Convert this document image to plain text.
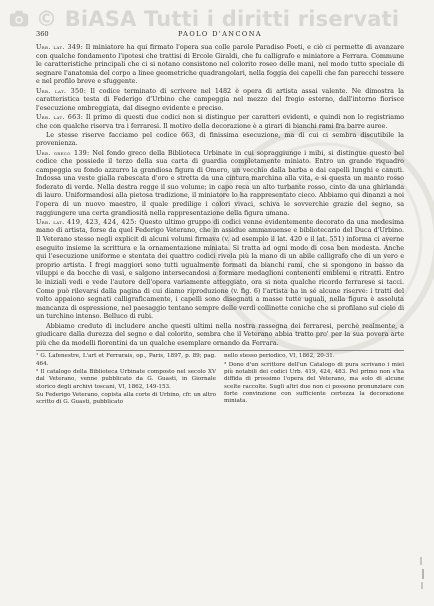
© BiASA Tutti i diritti riservati
360	PAOLO D'ANCONA

Urb. lat. 349: Il miniatore ha qui firmato l'opera sua colle parole Paradiso Poeti, e ciò ci permette di avanzare con qualche fondamento l'ipotesi che trattisi di Ercole Giraldi, che fu calligrafo e miniatore a Ferrara. Commune le caratteristiche principali che ci si notano consistono nel colorito roseo delle mani, nel modo tutto speciale di segnare l'anatomia del corpo a linee geometriche quadrangolari, nella foggia dei capelli che fan parecchi tessere e nel profilo breve e sfuggente.

Urb. lat. 350: Il codice terminato di scrivere nel 1482 è opera di artista assai valente. Ne dimostra la caratteristica testa di Federigo d'Urbino che campeggia nel mezzo del fregio esterno, dall'intorno fiorisce l'esecuzione ombreggiata, dal disegno evidente e preciso.

Urb. lat. 663: Il primo di questi due codici non si distingue per caratteri evidenti, e quindi non lo registriamo che con qualche riserva tra i ferraresi. Il motivo della decorazione è a girari di bianchi rami fra barre auree.

Le stesse riserve facciamo pel codice 663, di finissima esecuzione, ma di cui ci sembra discutibile la provenienza.

Urb. greco 139: Nel fondo greco della Biblioteca Urbinate in cui sopraggiunge i mibi, si distingue questo bel codice che possiede il terzo della sua carta di guardia completamente miniato. Entro un grande riquadro campeggia su fondo azzurro la grandiosa figura di Omero, un vecchio dalla barba e dai capelli lunghi e canuti. Indossa una veste gialla rabescata d'oro e stretta da una cintura marchina alla vita, e si questa un manto rosso foderato di verde. Nella destra regge il suo volume; in capo reca un alto turbante rosso, cinto da una ghirlanda di lauro. Uniformandosi alla pietosa tradizione, il miniatore lo ha rappresentato cieco. Abbiamo qui dinanzi a noi l'opera di un nuovo maestro, il quale predilige i colori vivaci, schiva le sovverchie grazie del segno, sa raggiungere una certa grandiosità nella rappresentazione della figura umana.

Urb. lat. 419, 423, 424, 425: Questo ultimo gruppo di codici venne evidentemente decorato da una medesima mano di artista, forse da quel Federigo Veterano, che in assidue ammanuense e bibliotecario del Duca d'Urbino. Il Veterano stesso negli explicit di alcuni volumi firmava (v. ad esempio il lat. 420 e il lat. 551) informa ci averne eseguito insieme la scrittura e la ornamentazione miniata. Si tratta ad ogni modo di cosa ben modesta. Anche qui l'esecuzione uniforme e stentata dei quattro codici rivela più la mano di un abile calligrafo che di un vero e proprio artista. I fregi maggiori sono tutti ugualmente formati da bianchi rami, che si spongono in basso da viluppi e da bocche di vasi, e salgono intersecandosi a formare medaglioni contenenti emblemi e ritratti. Entro le iniziali vedi e vede l'autore dell'opera variamente atteggiato, ora si nota qualche ricordo ferrarese si tacci. Come può rilevarsi dalla pagina di cui diamo riproduzione (v. fig. 6) l'artista ha in sé alcune riserve: i tratti del volto appaiono segnati calligraficamente, i capelli sono disegnati a masse tutte uguali, nella figura è assoluta mancanza di espressione, nel paesaggio tentano sempre delle verdi collinette coniche che si profilano sul cielo di un turchino intenso. Belluco di rubi.

Abbiamo creduto di includere anche questi ultimi nella nostra rassegna dei ferraresi, perchè realmente, a giudicare dalla durezza del segno e dal colorito, sembra che il Veterano abbia tratto pro' per la sua povera arte più che da modelli fiorentini da un qualche esemplare ornando da Ferrara.

¹ G. Lafenestre, L'art et Ferrarais, op., Paris, 1897, p. 89; pag. 464.

² Il catalogo della Biblioteca Urbinate composto nel secolo XV dal Veterano, venne pubblicato da G. Guasti, in Giornale storico degli archivi toscani, VI, 1862, 149-153.

Su Federigo Veterano, copista alla corte di Urbino, cfr. un altro scritto di G. Guasti, pubblicato

nello stesso periodico, VI, 1862, 20-31.

³ Dono d'un scrittore dell'un Catalogo di pura scrivano i miei più notabili dei codici Urb. 419, 424, 483. Pel primo non s'ha diffida di prossimo l'opera del Veterano, ma solo di alcune scelte raccolte. Sugli altri due non ci possono pronunziare con forte convinzione con sufficiente certezza la decorazione miniata.
